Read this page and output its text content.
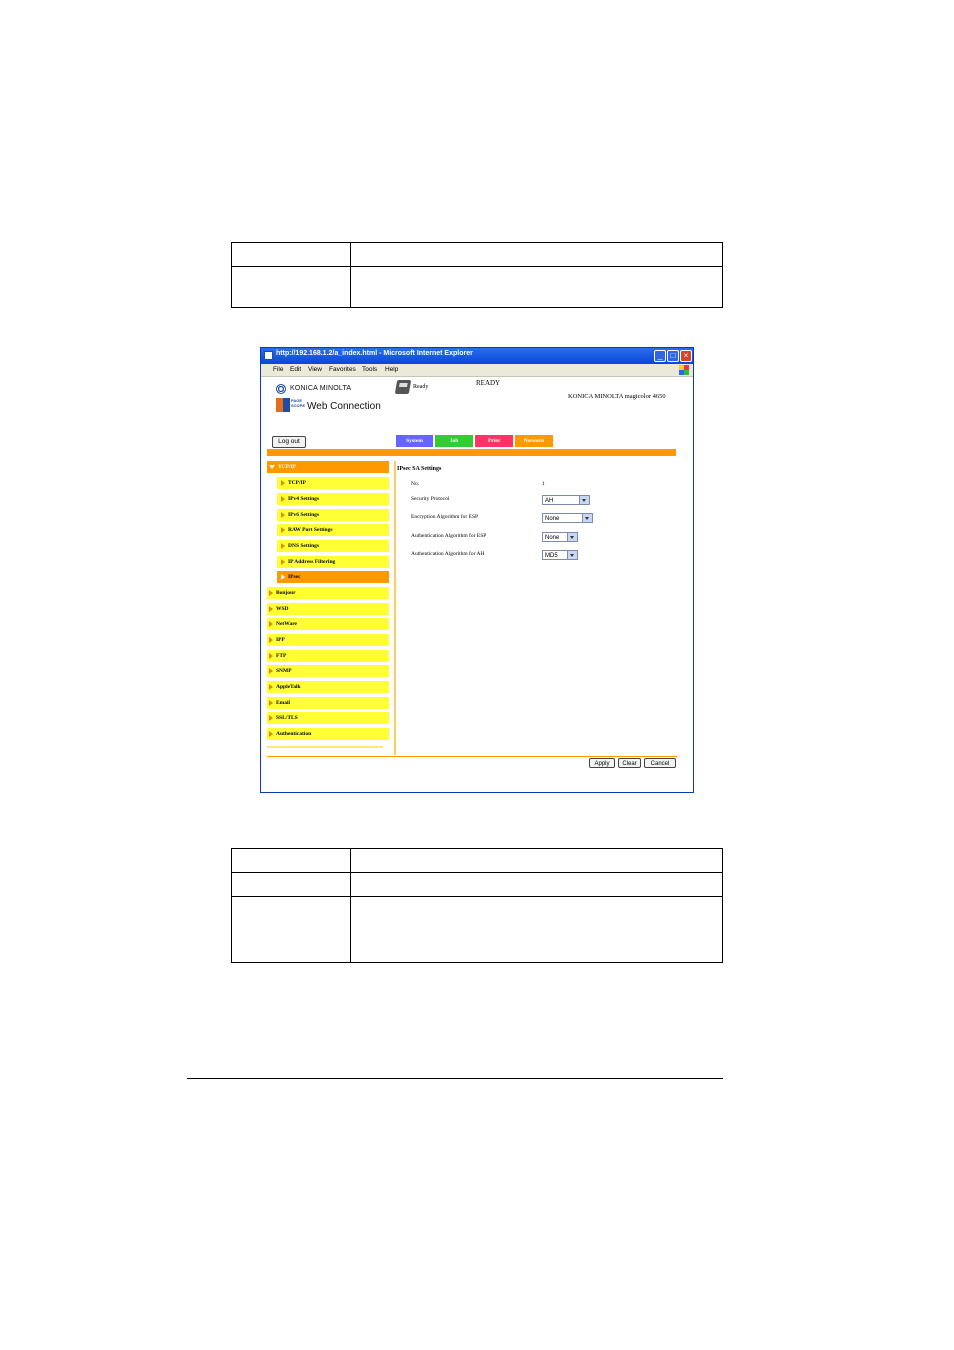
http://192.168.1.2/a_index.html - Microsoft Internet Explorer	_	□	×
File Edit View Favorites Tools Help
KONICA MINOLTA
PAGE SCOPE Web Connection
Ready	READY
KONICA MINOLTA magicolor 4650
Log out	System	Job	Print	Network
TCP/IP
TCP/IP
IPv4 Settings
IPv6 Settings
RAW Port Settings
DNS Settings
IP Address Filtering
IPsec
Bonjour
WSD
NetWare
IPP
FTP
SNMP
AppleTalk
Email
SSL/TLS
Authentication
IPsec SA Settings
No.	1
Security Protocol	AH
Encryption Algorithm for ESP	None
Authentication Algorithm for ESP	None
Authentication Algorithm for AH	MD5
Apply	Clear	Cancel
